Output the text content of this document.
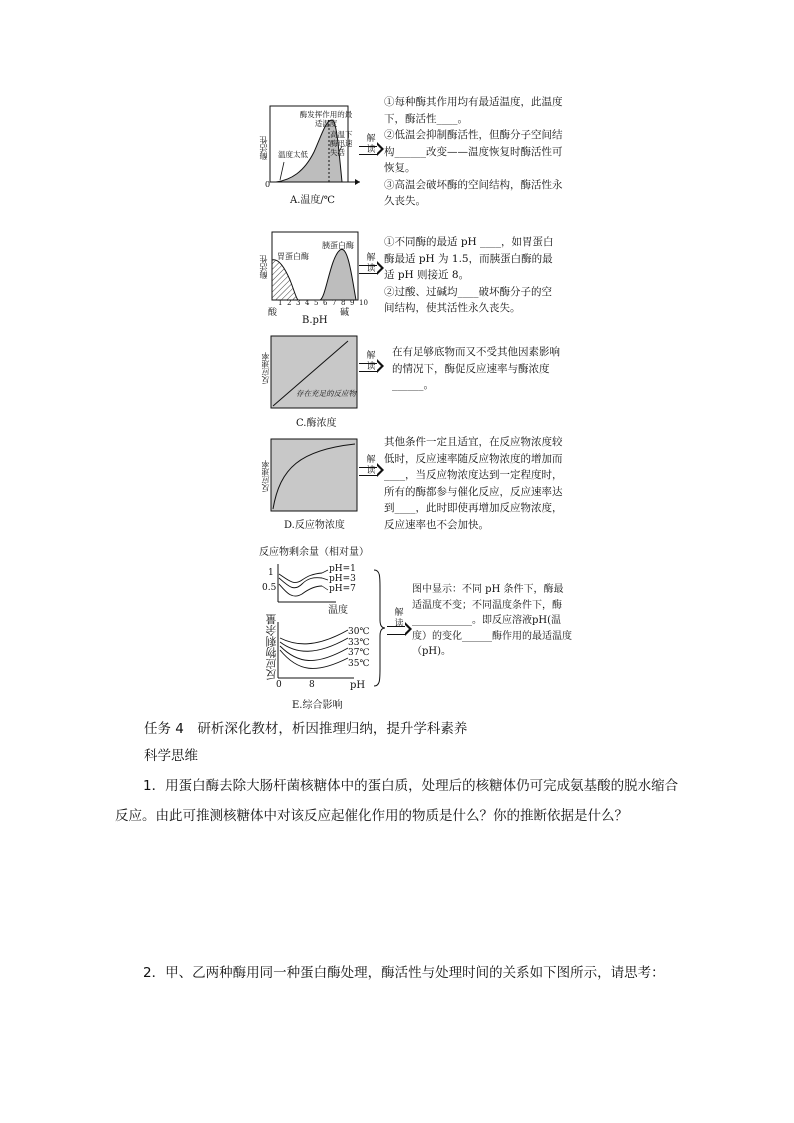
酶活性
酶发挥作用的最适温度
温度太低
高温下酶迅速失活
0
A.温度/℃
解读

①每种酶其作用均有最适温度，此温度下，酶活性____。

②低温会抑制酶活性，但酶分子空间结构______改变——温度恢复时酶活性可恢复。

③高温会破坏酶的空间结构，酶活性永久丧失。

酶活性 胃蛋白酶
胰蛋白酶
1 2 3 4 5 6 7 8 9 10
酸	碱
B.pH
解读

①不同酶的最适 pH ____，如胃蛋白酶最适 pH 为 1.5，而胰蛋白酶的最适 pH 则接近 8。

②过酸、过碱均____破坏酶分子的空间结构，使其活性永久丧失。

反应速率
存在充足的反应物
C.酶浓度
解读

在有足够底物而又不受其他因素影响的情况下，酶促反应速率与酶浓度______。

反应速率
D.反应物浓度
解读

其他条件一定且适宜，在反应物浓度较低时，反应速率随反应物浓度的增加而____，当反应物浓度达到一定程度时，所有的酶都参与催化反应，反应速率达到____，此时即使再增加反应物浓度，反应速率也不会加快。

反应物剩余量（相对量）
1
0.5
pH=1
pH=3
pH=7
温度
反应物剩余量	30℃
33℃
37℃
35℃
0	8	pH
E.综合影响
解读

图中显示：不同 pH 条件下，酶最适温度不变；不同温度条件下，酶____________。即反应溶液pH(温度）的变化______酶作用的最适温度（pH)。

任务 4　研析深化教材，析因推理归纳，提升学科素养
科学思维
1．用蛋白酶去除大肠杆菌核糖体中的蛋白质，处理后的核糖体仍可完成氨基酸的脱水缩合反应。由此可推测核糖体中对该反应起催化作用的物质是什么？你的推断依据是什么？
2．甲、乙两种酶用同一种蛋白酶处理，酶活性与处理时间的关系如下图所示，请思考：
